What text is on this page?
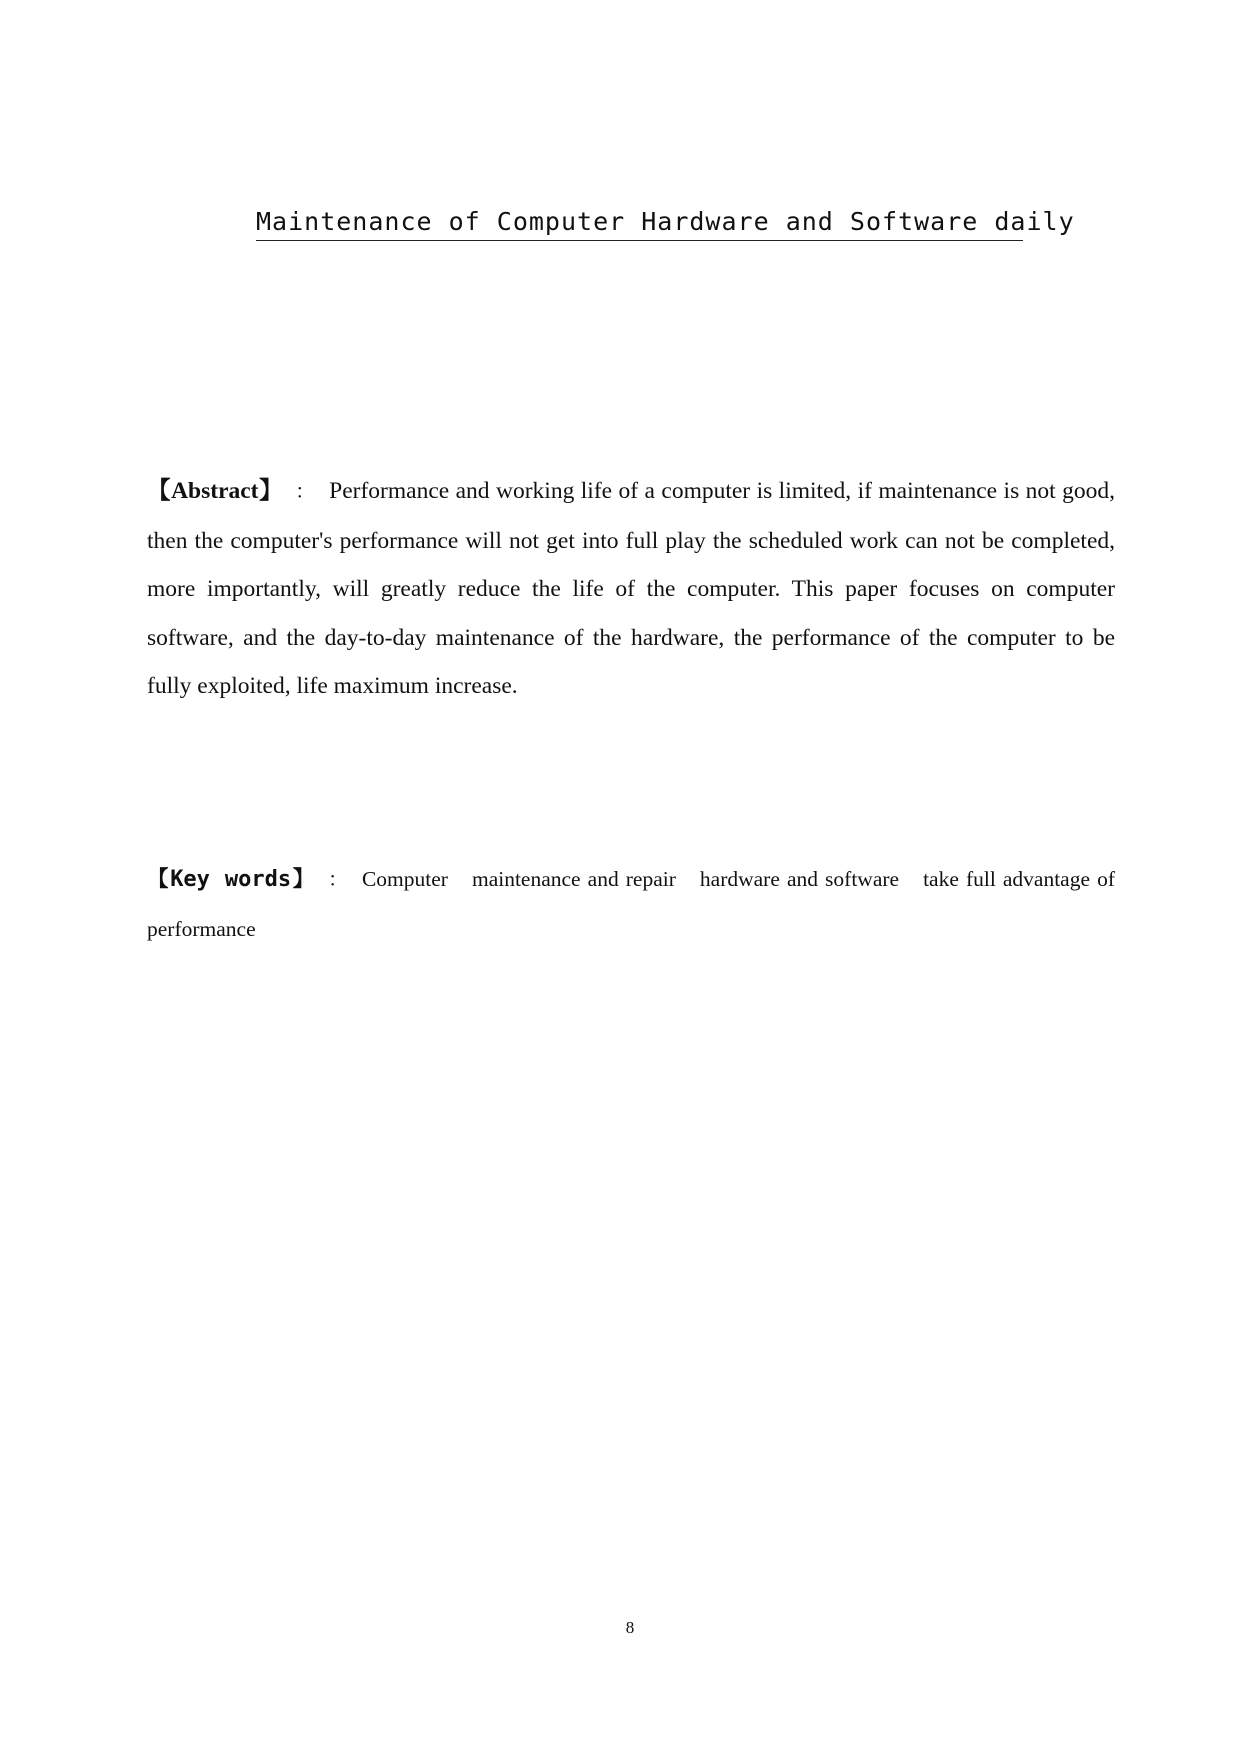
Maintenance of Computer Hardware and Software daily
【Abstract】 ： Performance and working life of a computer is limited, if maintenance is not good, then the computer's performance will not get into full play the scheduled work can not be completed, more importantly, will greatly reduce the life of the computer. This paper focuses on computer software, and the day-to-day maintenance of the hardware, the performance of the computer to be fully exploited, life maximum increase.
【Key words】 ： Computer maintenance and repair hardware and software take full advantage of performance
8
